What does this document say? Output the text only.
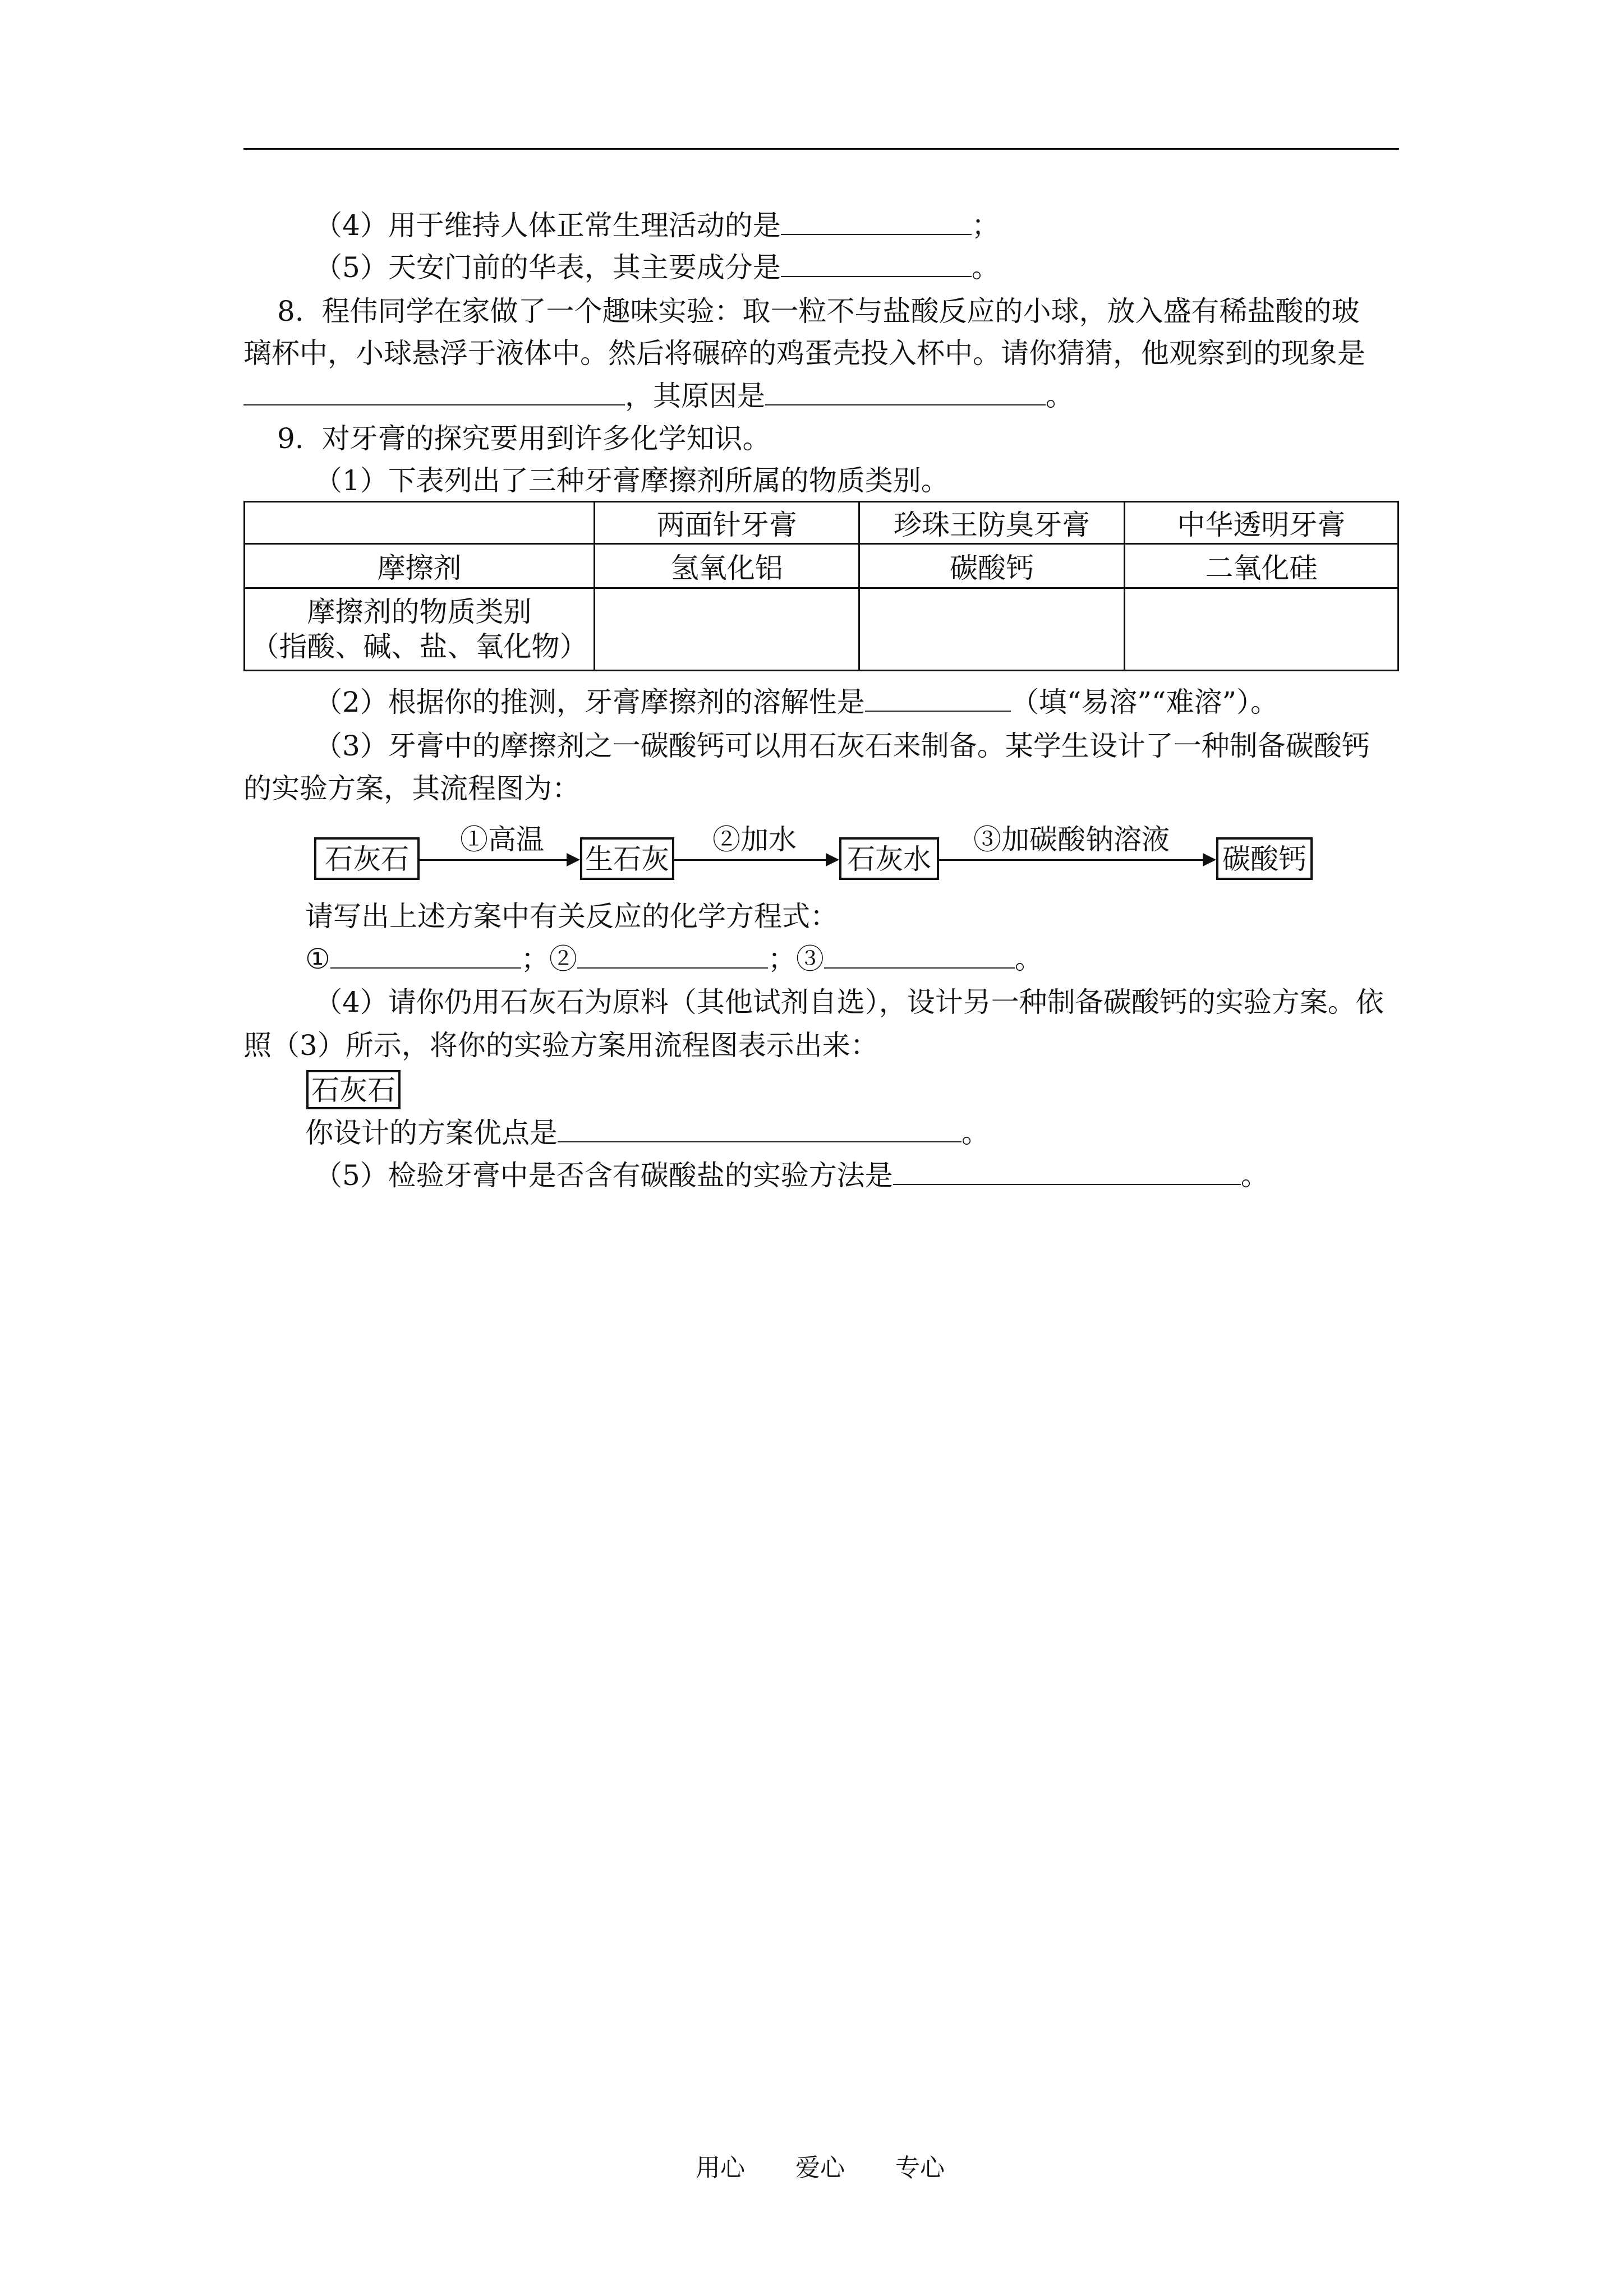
（4）用于维持人体正常生理活动的是	；
（5）天安门前的华表，其主要成分是	。
8.  程伟同学在家做了一个趣味实验：取一粒不与盐酸反应的小球，放入盛有稀盐酸的玻
璃杯中，小球悬浮于液体中。然后将碾碎的鸡蛋壳投入杯中。请你猜猜，他观察到的现象是
，其原因是	。
9.  对牙膏的探究要用到许多化学知识。
（1）下表列出了三种牙膏摩擦剂所属的物质类别。
	两面针牙膏	珍珠王防臭牙膏	中华透明牙膏
摩擦剂	氢氧化铝	碳酸钙	二氧化硅
摩擦剂的物质类别
（指酸、碱、盐、氧化物）			
（2）根据你的推测，牙膏摩擦剂的溶解性是	（填“易溶”“难溶”）。
（3）牙膏中的摩擦剂之一碳酸钙可以用石灰石来制备。某学生设计了一种制备碳酸钙
的实验方案，其流程图为：
石灰石
①高温
生石灰
②加水
石灰水
③加碳酸钠溶液
碳酸钙
请写出上述方案中有关反应的化学方程式：
①	；②	；③	。
（4）请你仍用石灰石为原料（其他试剂自选），设计另一种制备碳酸钙的实验方案。依
照（3）所示，将你的实验方案用流程图表示出来：
石灰石
你设计的方案优点是	。
（5）检验牙膏中是否含有碳酸盐的实验方法是	。
用心 爱心 专心
